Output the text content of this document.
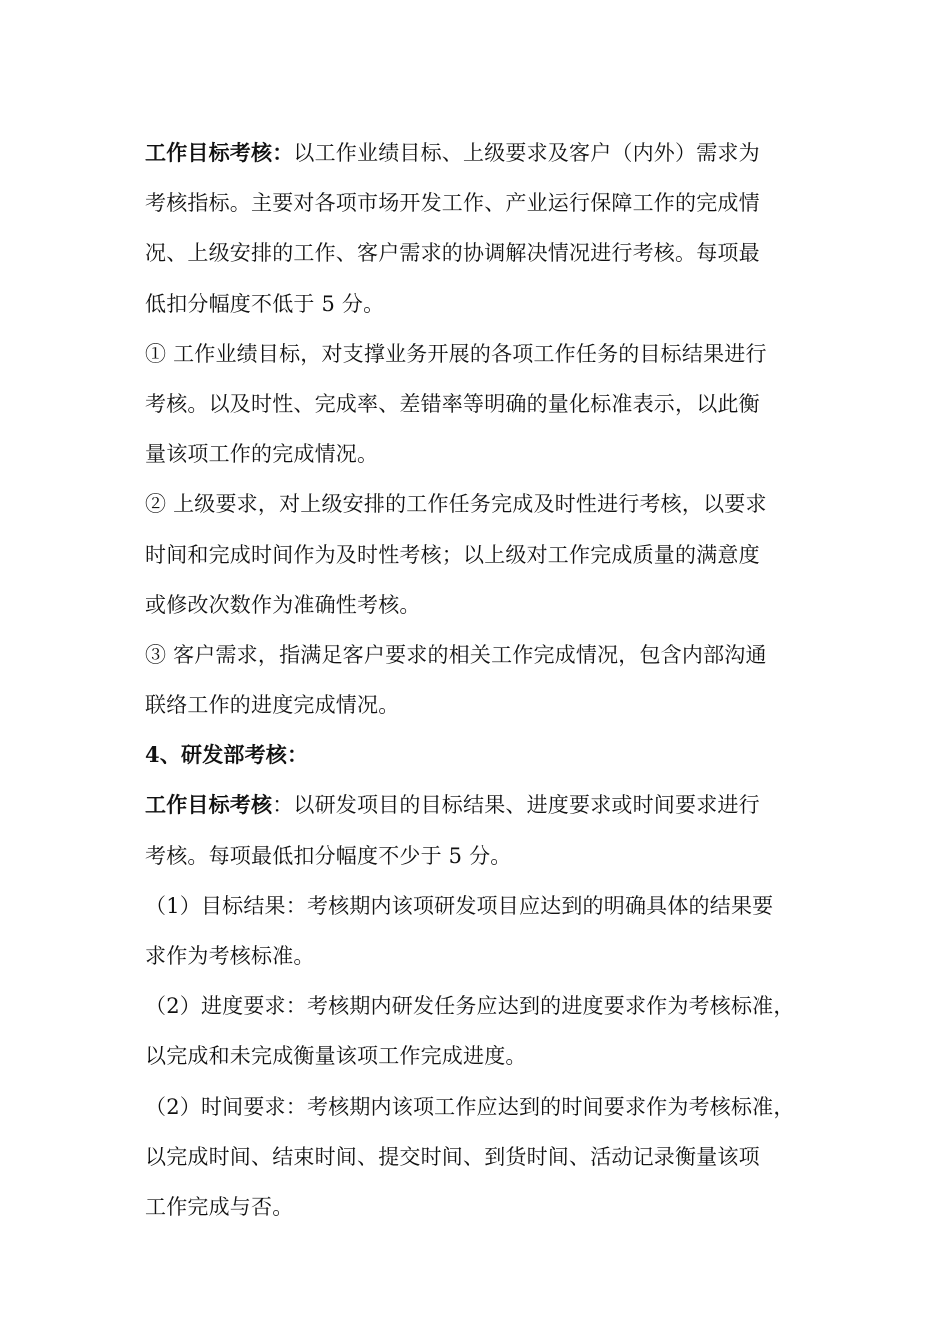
工作目标考核：以工作业绩目标、上级要求及客户（内外）需求为
考核指标。主要对各项市场开发工作、产业运行保障工作的完成情
况、上级安排的工作、客户需求的协调解决情况进行考核。每项最
低扣分幅度不低于 5 分。
① 工作业绩目标，对支撑业务开展的各项工作任务的目标结果进行
考核。以及时性、完成率、差错率等明确的量化标准表示，以此衡
量该项工作的完成情况。
② 上级要求，对上级安排的工作任务完成及时性进行考核，以要求
时间和完成时间作为及时性考核；以上级对工作完成质量的满意度
或修改次数作为准确性考核。
③ 客户需求，指满足客户要求的相关工作完成情况，包含内部沟通
联络工作的进度完成情况。
4、研发部考核：
工作目标考核：以研发项目的目标结果、进度要求或时间要求进行
考核。每项最低扣分幅度不少于 5 分。
（1）目标结果：考核期内该项研发项目应达到的明确具体的结果要
求作为考核标准。
（2）进度要求：考核期内研发任务应达到的进度要求作为考核标准，
以完成和未完成衡量该项工作完成进度。
（2）时间要求：考核期内该项工作应达到的时间要求作为考核标准，
以完成时间、结束时间、提交时间、到货时间、活动记录衡量该项
工作完成与否。
